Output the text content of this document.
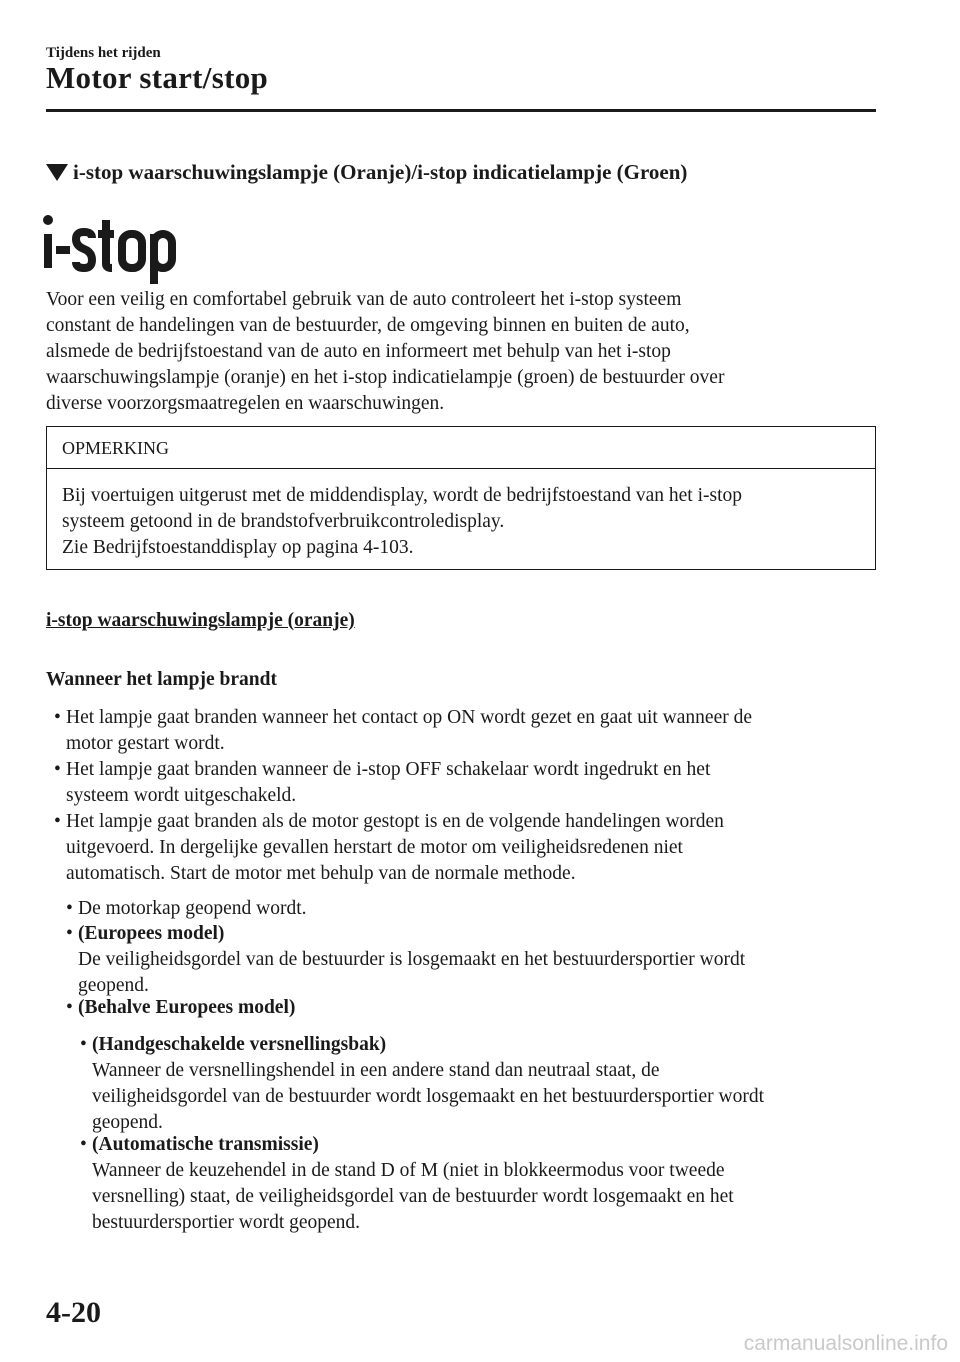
Tijdens het rijden
Motor start/stop
i-stop waarschuwingslampje (Oranje)/i-stop indicatielampje (Groen)
Voor een veilig en comfortabel gebruik van de auto controleert het i-stop systeem
constant de handelingen van de bestuurder, de omgeving binnen en buiten de auto,
alsmede de bedrijfstoestand van de auto en informeert met behulp van het i-stop
waarschuwingslampje (oranje) en het i-stop indicatielampje (groen) de bestuurder over
diverse voorzorgsmaatregelen en waarschuwingen.
OPMERKING
Bij voertuigen uitgerust met de middendisplay, wordt de bedrijfstoestand van het i-stop
systeem getoond in de brandstofverbruikcontroledisplay.
Zie Bedrijfstoestanddisplay op pagina 4-103.
i-stop waarschuwingslampje (oranje)
Wanneer het lampje brandt
• Het lampje gaat branden wanneer het contact op ON wordt gezet en gaat uit wanneer de
motor gestart wordt.
• Het lampje gaat branden wanneer de i-stop OFF schakelaar wordt ingedrukt en het
systeem wordt uitgeschakeld.
• Het lampje gaat branden als de motor gestopt is en de volgende handelingen worden
uitgevoerd. In dergelijke gevallen herstart de motor om veiligheidsredenen niet
automatisch. Start de motor met behulp van de normale methode.
• De motorkap geopend wordt.
• (Europees model)
De veiligheidsgordel van de bestuurder is losgemaakt en het bestuurdersportier wordt
geopend.
• (Behalve Europees model)
• (Handgeschakelde versnellingsbak)
Wanneer de versnellingshendel in een andere stand dan neutraal staat, de
veiligheidsgordel van de bestuurder wordt losgemaakt en het bestuurdersportier wordt
geopend.
• (Automatische transmissie)
Wanneer de keuzehendel in de stand D of M (niet in blokkeermodus voor tweede
versnelling) staat, de veiligheidsgordel van de bestuurder wordt losgemaakt en het
bestuurdersportier wordt geopend.
4-20
carmanualsonline.info
